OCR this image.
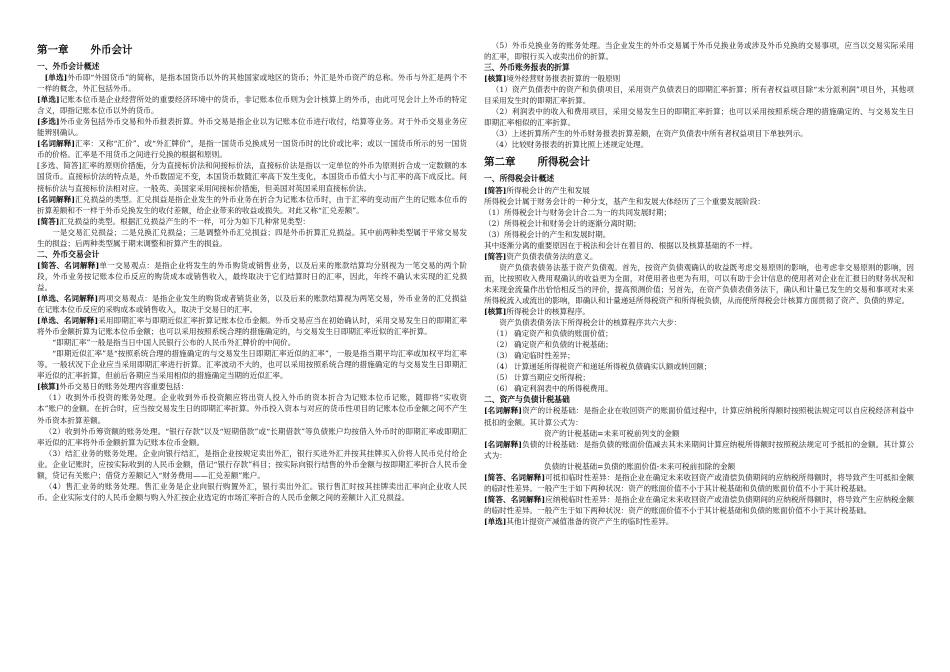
第一章 外币会计
一、外币会计概述

[单选]外币即“外国货币”的简称，是指本国货币以外的其他国家或地区的货币；外汇是外币资产的总称。外币与外汇是两个不一样的概念，外汇包括外币。

[单选]记账本位币是企业经营所处的重要经济环境中的货币，非记账本位币则为会计核算上的外币，由此可见会计上外币的特定含义，即指记账本位币以外的货币。

[多选]外币业务包括外币交易和外币报表折算。外币交易是指企业以为记账本位币进行收付，结算等业务。对于外币交易业务应能辨别确认。

[名词解释]汇率：又称“汇价”、或“外汇牌价”，是指一国货币兑换成另一国货币时的比价或比率；或以一国货币所示的另一国货币的价格。汇率是不用货币之间进行兑换的根据和原则。

[多选、简答]汇率的原则价措施，分为直接标价法和间接标价法，直接标价法是指以一定单位的外币为原则折合成一定数额的本国货币。直接标价法的特点是，外币数固定不变，本国货币数随汇率高下发生变化，本国货币币值大小与汇率的高下成反比。间接标价法与直接标价法相对应。一般英、美国家采用间接标价措施，但美国对英国采用直接标价法。

[名词解释]汇兑损益的类型。汇兑损益是指企业发生的外币业务在折合为记账本位币时，由于汇率的变动而产生的记账本位币的折算差额和不一样于外币兑换发生的收付差额，给企业带来的收益或损失。对此又称“汇兑差额”。

[简答]汇兑损益的类型。根据汇兑损益产生的不一样，可分为如下几种常见类型：

一是交易汇兑损益；二是兑换汇兑损益；三是调整外币汇兑损益；四是外币折算汇兑损益。其中前两种类型属于平常交易发生的损益；后两种类型属于期末调整和折算产生的损益。

二、外币交易会计

[简答、名词解释]单一交易观点：是指企业将发生的外币购货或销售业务，以及后来的账款结算均分别视为一笔交易的两个阶段，外币业务按记账本位币反应的购货成本或销售收入，最终取决于它们结算时日的汇率，因此，年终不确认未实现的汇兑损益。

[单选、名词解释]两项交易观点：是指企业发生的购货或者销货业务，以及后来的账款结算视为两笔交易，外币业务的汇兑损益在记账本位币反应的采购成本或销售收入，取决于交易日的汇率。

[单选、名词解释]采用即期汇率与即期近似汇率折算记账本位币金额。外币交易应当在初始确认时，采用交易发生日的即期汇率将外币金额折算为记账本位币金额；也可以采用按照系统合理的措施确定的，与交易发生日即期汇率近似的汇率折算。

“即期汇率”一般是指当日中国人民银行公布的人民币外汇牌价的中间价。

“即期近似汇率”是“按照系统合理的措施确定的与交易发生日即期汇率近似的汇率”，一般是指当期平均汇率或加权平均汇率等。一般状况下企业应当采用即期汇率进行折算。汇率波动不大的，也可以采用按照系统合理的措施确定的与交易发生日即期汇率近似的汇率折算，但前后各期应当采用相似的措施确定当期的近似汇率。

[核算]外币交易日的账务处理内容重要包括：

（1）收到外币投资的账务处理。企业收到外币投资额应将出资人投入外币的资本折合为记账本位币记账，随即将“实收资本”账户的金额。在折合时，应当按交易发生日的即期汇率折算。外币投入资本与对应的货币性项目的记账本位币金额之间不产生外币资本折算差额。

（2）收到外币筹资额的账务处理。“银行存款”以及“短期借款”或“长期借款”等负债账户均按借入外币时的即期汇率或即期汇率近似的汇率将外币金额折算为记账本位币金额。

（3）结汇业务的账务处理。企业向银行结汇，是指企业按规定卖出外汇，银行买进外汇并按其挂牌买入价将人民币兑付给企业。企业记账时，应按实际收到的人民币金额，借记“银行存款”科目；按实际向银行结售的外币金额与按即期汇率折合人民币金额，贷记有关账户；借贷方差额记入“财务费用——汇兑差额”账户。

（4）售汇业务的账务处理。售汇业务是企业向银行购置外汇，银行卖出外汇。银行售汇时按其挂牌卖出汇率向企业收人民币。企业实际支付的人民币金额与购入外汇按企业选定的市场汇率折合的人民币金额之间的差额计入汇兑损益。

（5）外币兑换业务的账务处理。当企业发生的外币交易属于外币兑换业务或涉及外币兑换的交易事项，应当以交易实际采用的汇率，即银行买入或卖出价的折算。

三、外币账务报表的折算

[核算]境外经营财务报表折算的一般原则

（1）资产负债表中的资产和负债项目，采用资产负债表日的即期汇率折算；所有者权益项目除“未分派利润”项目外，其他项目采用发生时的即期汇率折算。

（2）利润表中的收入和费用项目，采用交易发生日的即期汇率折算；也可以采用按照系统合理的措施确定的、与交易发生日即期汇率相似的汇率折算。

（3）上述折算所产生的外币财务报表折算差额，在资产负债表中所有者权益项目下单独列示。

（4）比较财务报表的折算比照上述规定处理。

第二章 所得税会计
一、所得税会计概述

[简答]所得税会计的产生和发展

所得税会计属于财务会计的一种分支，基产生和发展大体经历了三个重要发展阶段：

（1）所得税会计与财务会计合二为一的共同发展时期；

（2）所得税会计和财务会计的逐渐分离时期；

（3）所得税会计的产生和发展时期。

其中逐渐分离的重要原因在于税法和会计在着目的、根据以及核算基础的不一样。

[简答]资产负债表债务法的意义。

资产负债表债务法基于资产负债观。首先，按资产负债观确认的收益既考虑交易原则的影响，也考虑非交易原则的影响，因而，比按照收入费用观确认的收益更为全面，对使用者也更为有用，可以有助于会计信息的使用者对企业在汇报日的财务状况和未来现金流量作出恰恰相反当的评价，提高预测价值；另首先，在资产负债表债务法下，确认和计量已发生的交易和事项对未来所得税流入或流出的影响，即确认和计量递延所得税资产和所得税负债，从而使所得税会计核算方面贯彻了资产、负债的界定。

[核算]所得税会计的核算程序。

资产负债表债务法下所得税会计的核算程序共六大步：

（1） 确定资产和负债的账面价值；

（2） 确定资产和负债的计税基础；

（3） 确定临时性差异；

（4） 计算递延所得税资产和递延所得税负债确实认额或转回额；

（5） 计算当期应交所得税；

（6） 确定利润表中的所得税费用。

二、资产与负债计税基础

[名词解释]资产的计税基础：是指企业在收回资产的账面价值过程中，计算应纳税所得额时按照税法规定可以自应税经济利益中抵扣的金额。其计算公式为：

资产的计税基础=未来可税前列支的金额

[名词解释]负债的计税基础：是指负债的账面价值减去其未来期间计算应纳税所得额时按照税法规定可予抵扣的金额。其计算公式为：

负债的计税基础=负债的账面价值-未来可税前扣除的金额

[简答、名词解释]可抵扣临时性差异：是指企业在确定未来收回资产或清偿负债期间的应纳税所得额时，将导致产生可抵扣金额的临时性差异。一般产生于如下两种状况：资产的账面价值不小于其计税基础和负债的账面价值不小于其计税基础。

[简答、名词解释]应纳税临时性差异：是指企业在确定未来收回资产或清偿负债期间的应纳税所得额时，将导致产生应纳税金额的临时性差异。一般产生于如下两种状况：资产的账面价值不小于其计税基础和负债的账面价值不小于其计税基础。

[单选]其他计提资产减值准备的资产产生的临时性差异。
